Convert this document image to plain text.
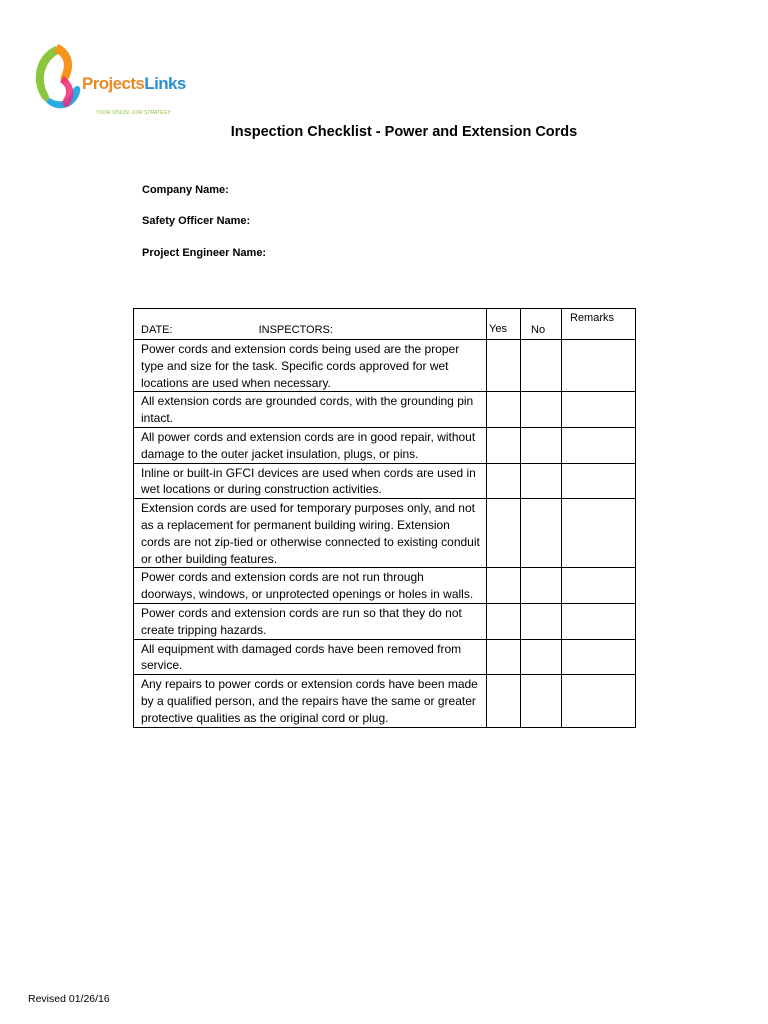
ProjectsLinks
YOUR VISION, OUR STRATEGY
Inspection Checklist - Power and Extension Cords
Company Name:
Safety Officer Name:
Project Engineer Name:
DATE: INSPECTORS:	Yes	No	Remarks
Power cords and extension cords being used are the proper type and size for the task. Specific cords approved for wet locations are used when necessary.			
All extension cords are grounded cords, with the grounding pin intact.			
All power cords and extension cords are in good repair, without damage to the outer jacket insulation, plugs, or pins.			
Inline or built-in GFCI devices are used when cords are used in wet locations or during construction activities.			
Extension cords are used for temporary purposes only, and not as a replacement for permanent building wiring. Extension cords are not zip-tied or otherwise connected to existing conduit or other building features.			
Power cords and extension cords are not run through doorways, windows, or unprotected openings or holes in walls.			
Power cords and extension cords are run so that they do not create tripping hazards.			
All equipment with damaged cords have been removed from service.			
Any repairs to power cords or extension cords have been made by a qualified person, and the repairs have the same or greater protective qualities as the original cord or plug.			
Revised 01/26/16
